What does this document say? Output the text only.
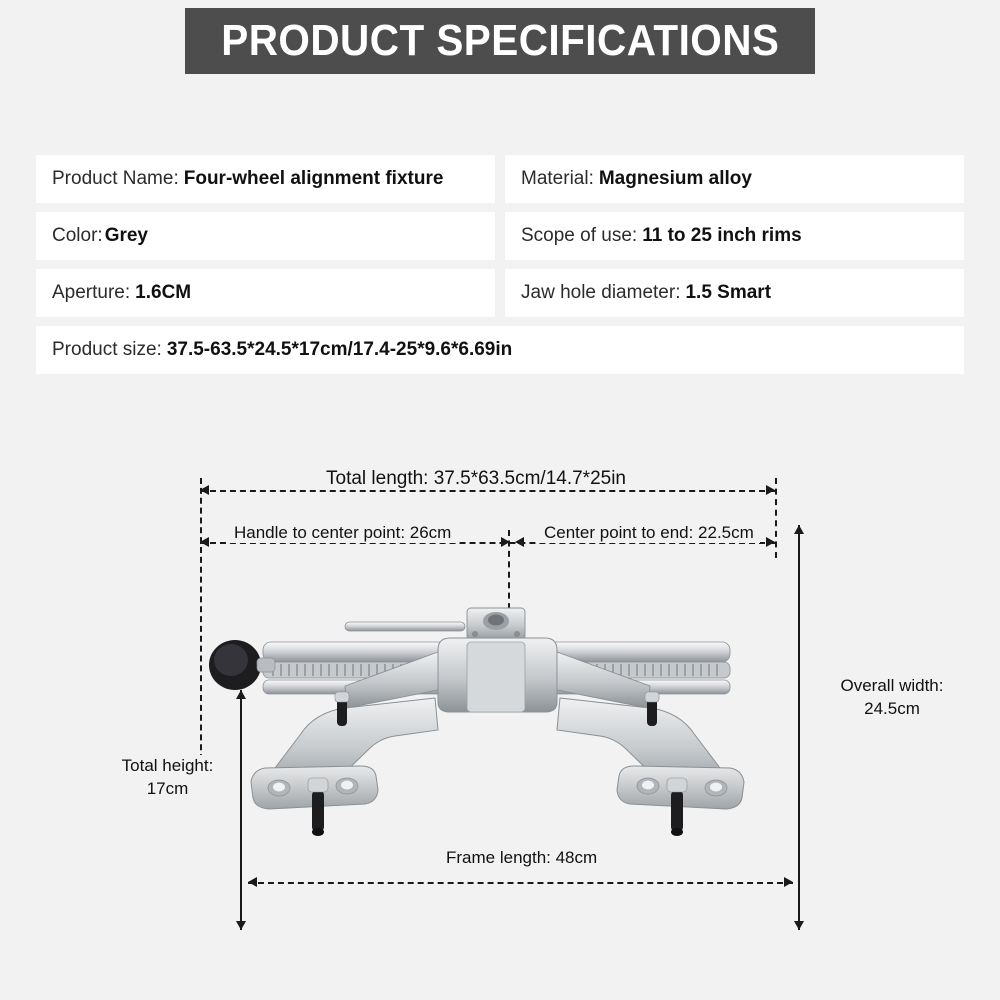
PRODUCT SPECIFICATIONS
Product Name: Four-wheel alignment fixture	Material: Magnesium alloy
Color: Grey	Scope of use: 11 to 25 inch rims
Aperture: 1.6CM	Jaw hole diameter: 1.5 Smart
Product size: 37.5-63.5*24.5*17cm/17.4-25*9.6*6.69in
Total length: 37.5*63.5cm/14.7*25in
Handle to center point: 26cm	Center point to end: 22.5cm
Overall width:
24.5cm
Total height:
17cm
Frame length: 48cm
